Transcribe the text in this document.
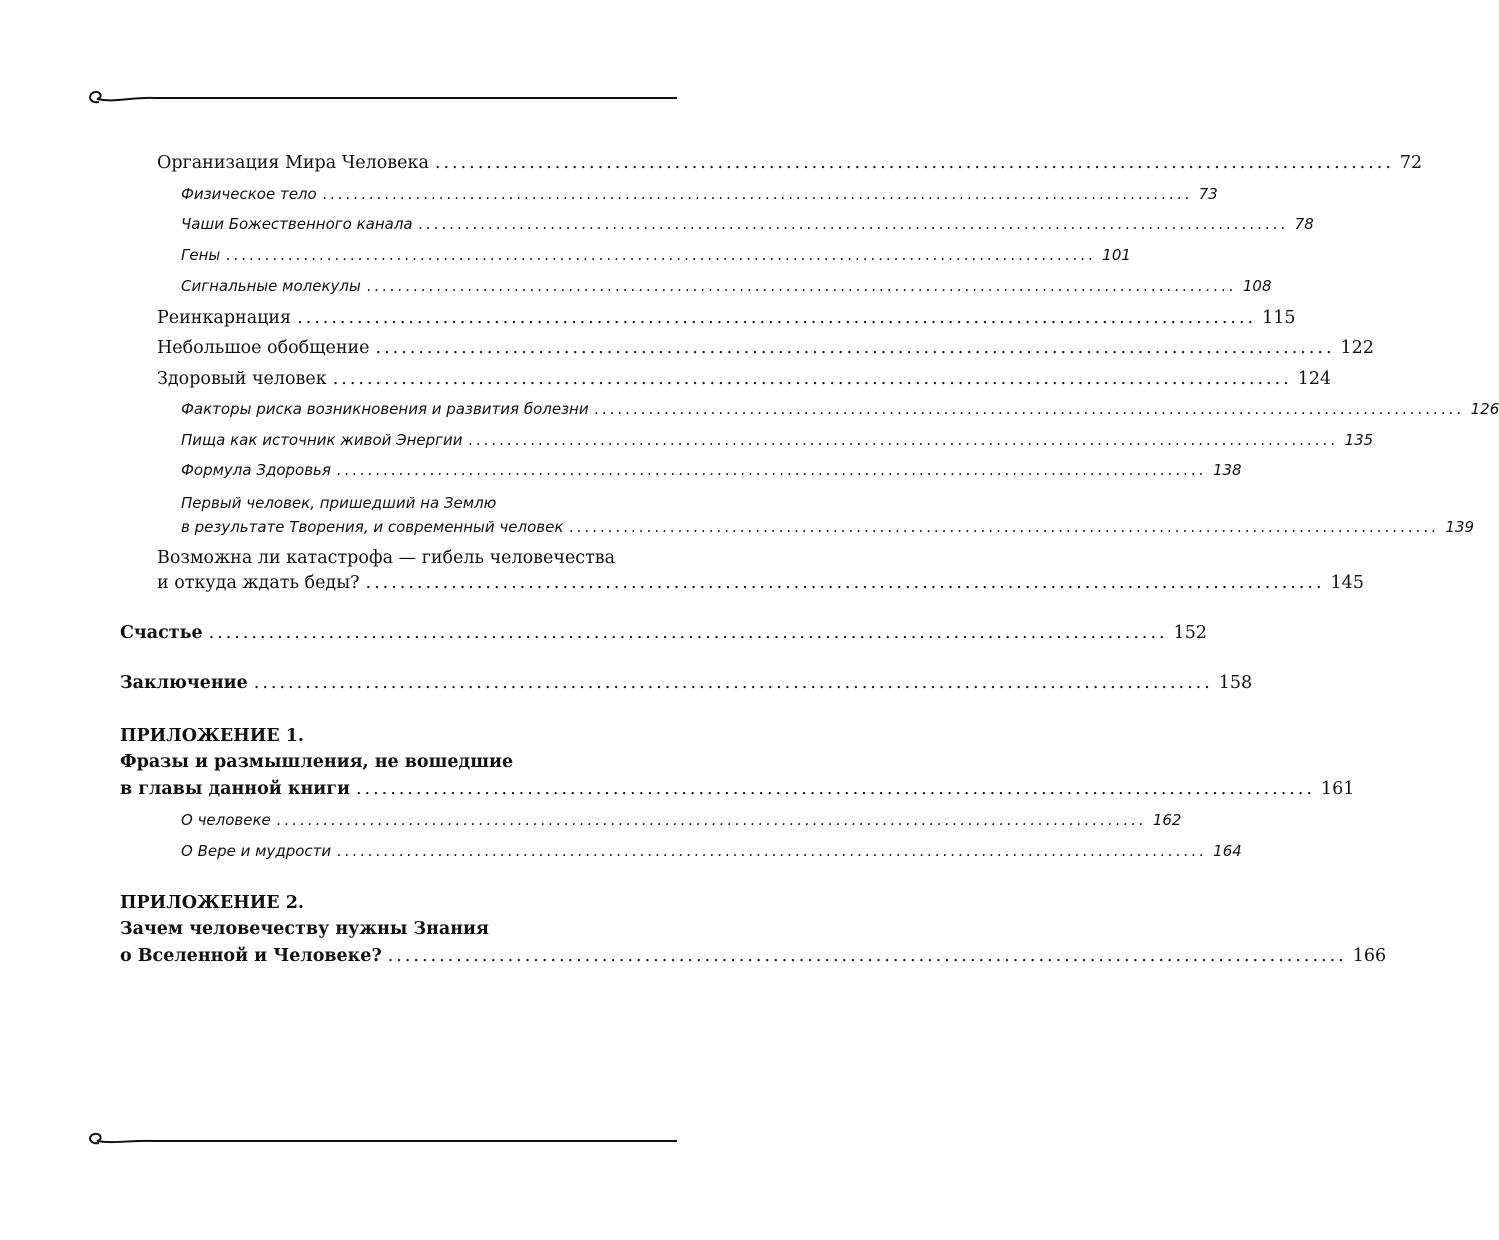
Организация Мира Человека ................................................................................................................ 72
Физическое тело ................................................................................................................ 73
Чаши Божественного канала ................................................................................................................ 78
Гены ................................................................................................................ 101
Сигнальные молекулы ................................................................................................................ 108
Реинкарнация ................................................................................................................ 115
Небольшое обобщение ................................................................................................................ 122
Здоровый человек ................................................................................................................ 124
Факторы риска возникновения и развития болезни ................................................................................................................ 126
Пища как источник живой Энергии ................................................................................................................ 135
Формула Здоровья ................................................................................................................ 138
Первый человек, пришедший на Землю
в результате Творения, и современный человек ................................................................................................................ 139
Возможна ли катастрофа — гибель человечества
и откуда ждать беды? ................................................................................................................ 145
Счастье ................................................................................................................ 152
Заключение ................................................................................................................ 158
ПРИЛОЖЕНИЕ 1.
Фразы и размышления, не вошедшие
в главы данной книги ................................................................................................................ 161
О человеке ................................................................................................................ 162
О Вере и мудрости ................................................................................................................ 164
ПРИЛОЖЕНИЕ 2.
Зачем человечеству нужны Знания
о Вселенной и Человеке? ................................................................................................................ 166
